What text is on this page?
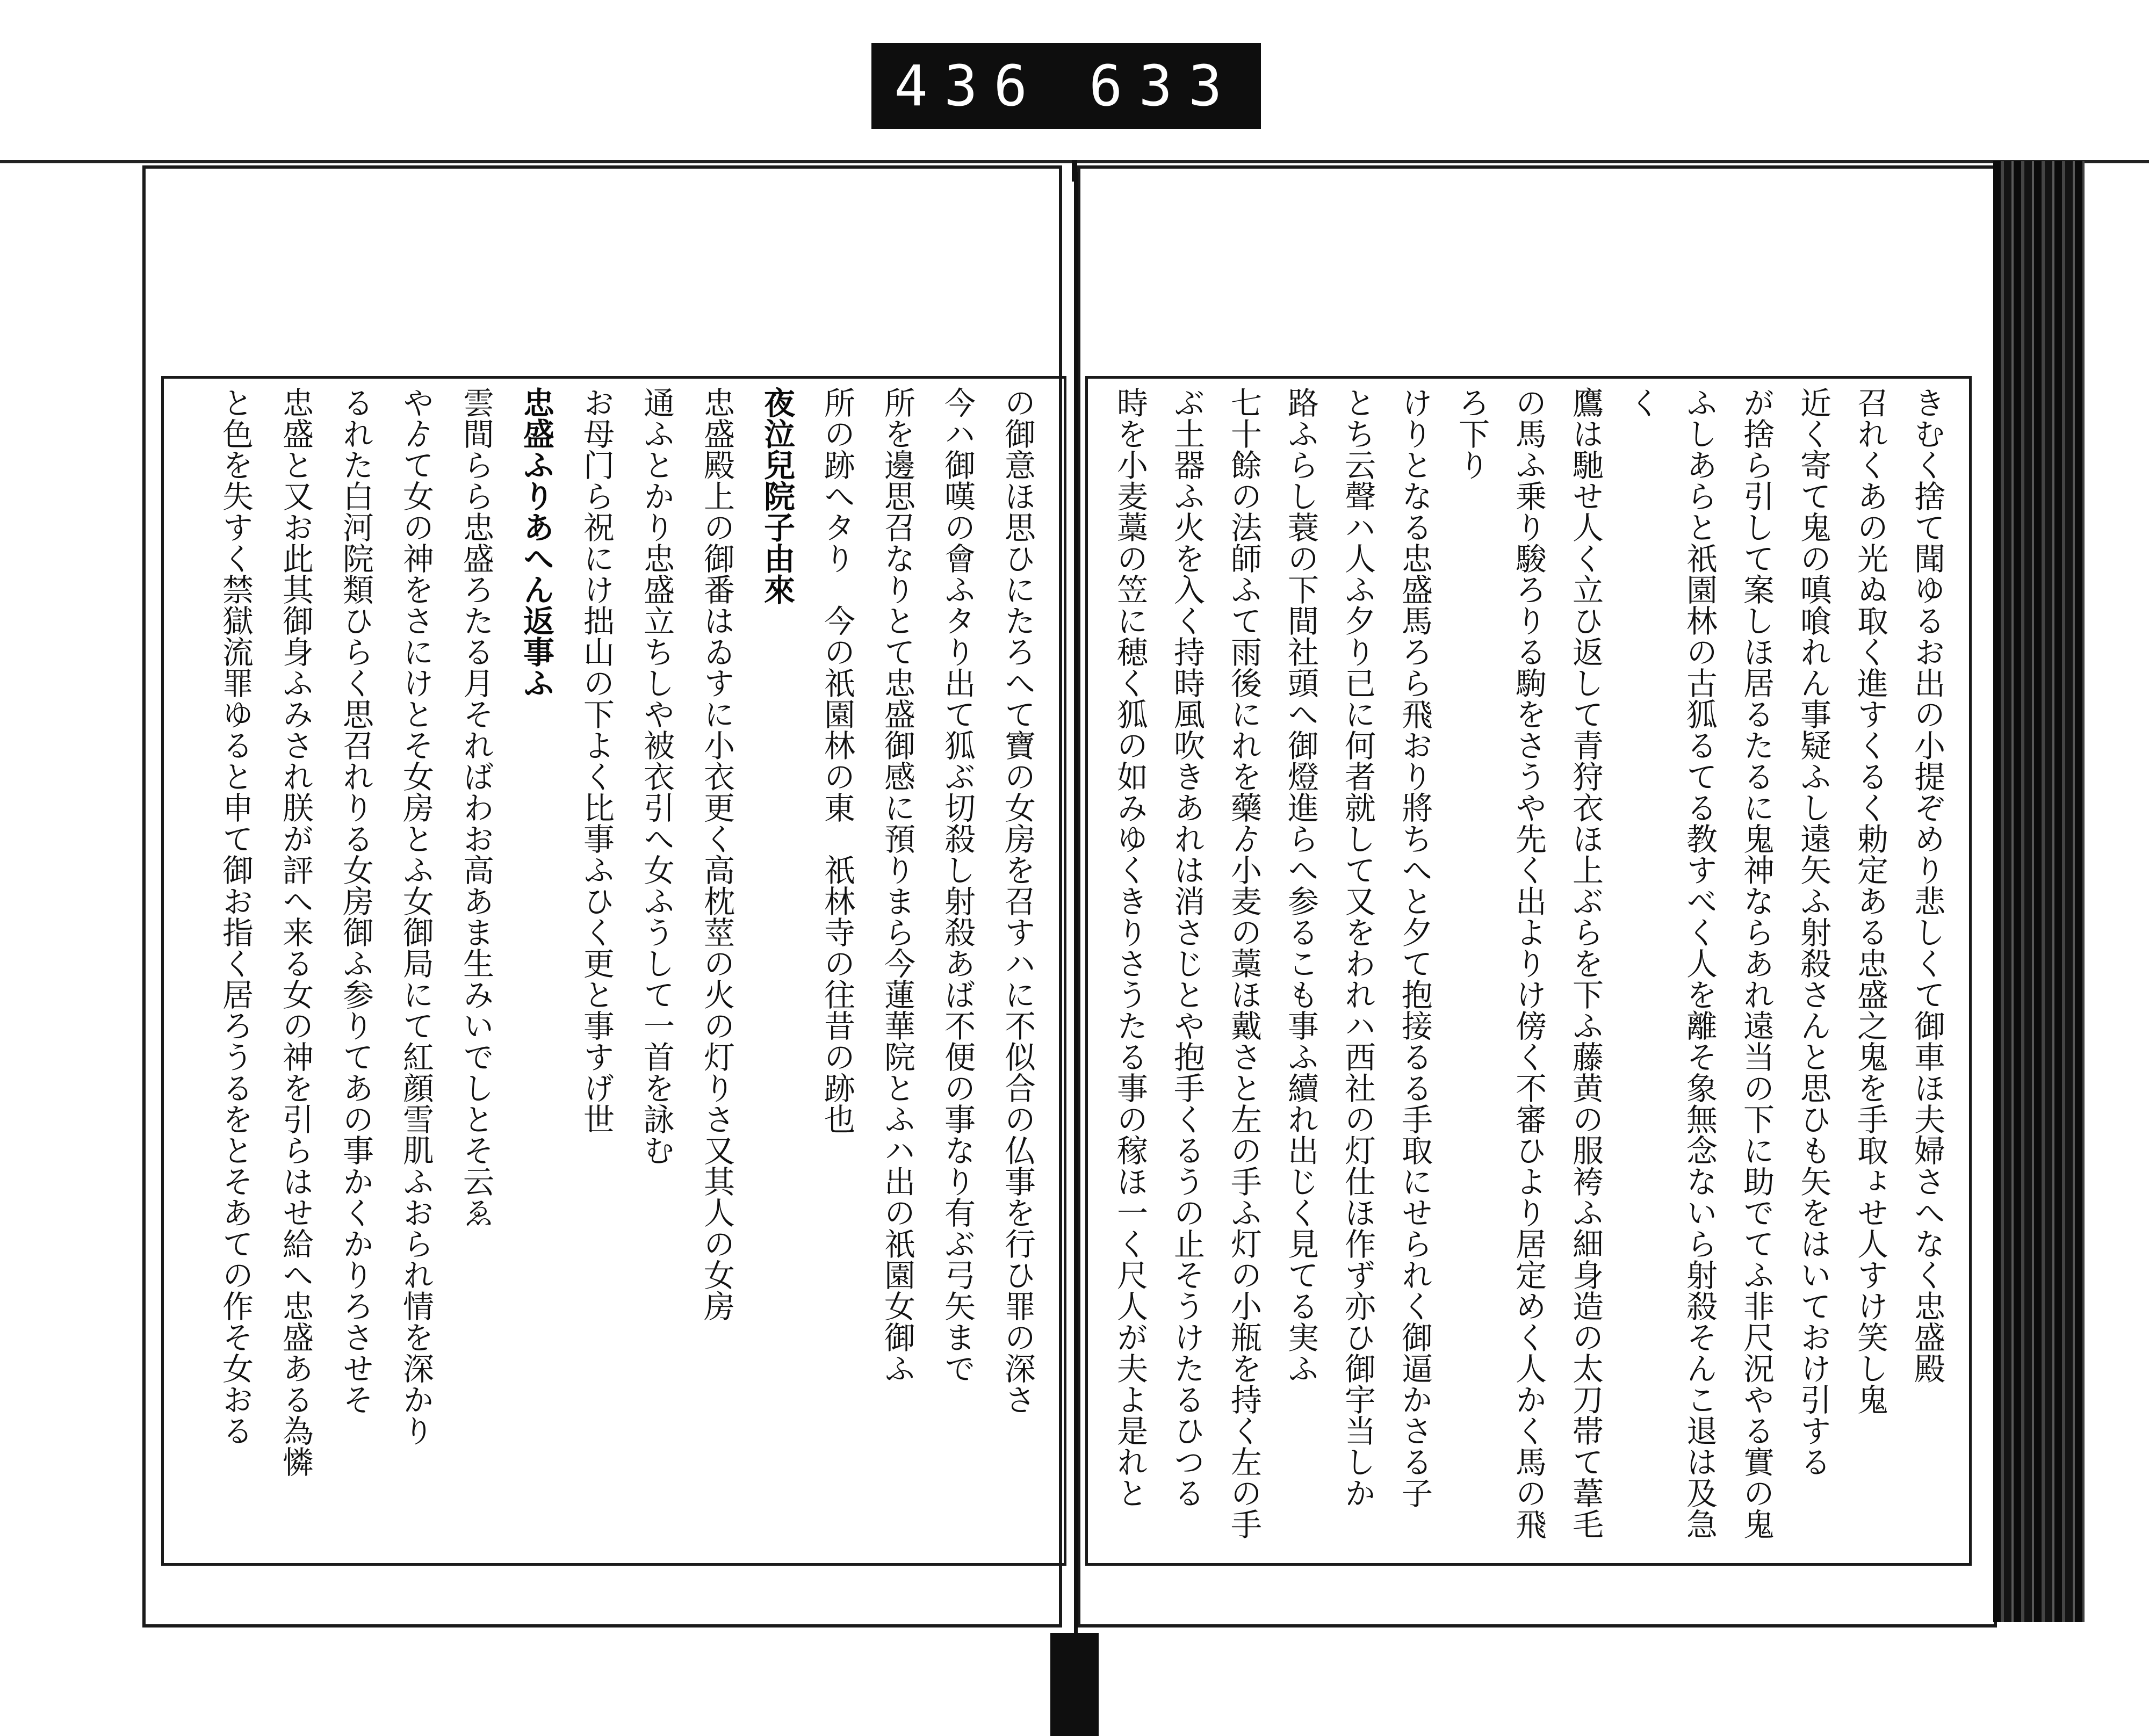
436 633
きむく捨て聞ゆるお出の小提ぞめり悲しくて御車ほ夫婦さへなく忠盛殿
召れくあの光ぬ取く進すくるく勅定ある忠盛之鬼を手取ょせ人すけ笑し鬼
近く寄て鬼の嗔喰れん事疑ふし遠矢ふ射殺さんと思ひも矢をはいておけ引する
が捨ら引して案しほ居るたるに鬼神ならあれ遠当の下に助でてふ非尺況やる實の鬼
ふしあらと祇園林の古狐るてる教すべく人を離そ象無念ないら射殺そんこ退は及急く
鷹は馳せ人く立ひ返して青狩衣ほ上ぶらを下ふ藤黄の服袴ふ細身造の太刀帯て葦毛
の馬ふ乗り駿ろりる駒をさうや先く出よりけ傍く不審ひより居定めく人かく馬の飛ろ下り
けりとなる忠盛馬ろら飛おり將ちへと夕て抱接るる手取にせられく御逼かさる子
とち云聲ハ人ふ夕り已に何者就して又をわれハ西社の灯仕ほ作ず亦ひ御宇当しか
路ふらし蓑の下間社頭へ御燈進らへ参るこも事ふ續れ出じく見てる実ふ
七十餘の法師ふて雨後にれを藥ゟ小麦の藁ほ戴さと左の手ふ灯の小瓶を持く左の手
ぶ土器ふ火を入く持時風吹きあれは消さじとや抱手くるうの止そうけたるひつる
時を小麦藁の笠に穂く狐の如みゆくきりさうたる事の稼ほ一く尺人が夫よ是れと
の御意ほ思ひにたろへて寶の女房を召すハに不似合の仏事を行ひ罪の深さ
今ハ御嘆の會ふタり出て狐ぶ切殺し射殺あば不便の事なり有ぶ弓矢まで
所を邊思召なりとて忠盛御感に預りまら今蓮華院とふハ出の祇園女御ふ
所の跡へタり　今の祇園林の東　祇林寺の往昔の跡也
夜泣兒院子由來
忠盛殿上の御番はゐすに小衣更く高枕莖の火の灯りさ又其人の女房
通ふとかり忠盛立ちしや被衣引へ女ふうして一首を詠む
お母门ら祝にけ拙山の下よく比事ふひく更と事すげ世
忠盛ふりあへん返事ふ
雲間らら忠盛ろたる月そればわお高あま生みいでしとそ云ゑ
やゟて女の神をさにけとそ女房とふ女御局にて紅顔雪肌ふおられ情を深かり
るれた白河院類ひらく思召れりる女房御ふ参りてあの事かくかりろさせそ
忠盛と又お此其御身ふみされ朕が評へ来る女の神を引らはせ給へ忠盛ある為憐
と色を失すく禁獄流罪ゆると申て御お指く居ろうるをとそあての作そ女おる
